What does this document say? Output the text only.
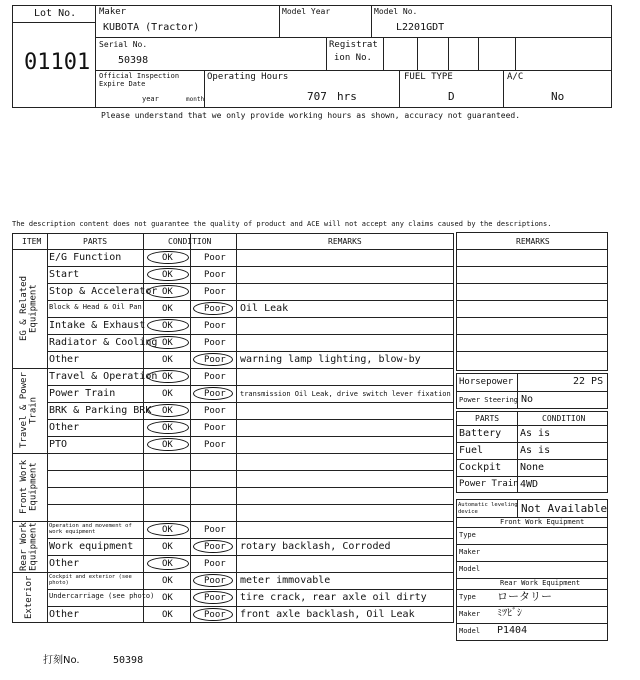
Lot No.
01101
Maker
KUBOTA (Tractor)
Model Year	Model No.
L2201GDT
Serial No.
50398
Registrat
ion No.
Official Inspection
Expire Date
year	month
Operating Hours
707 hrs
FUEL TYPE
D
A/C
No
Please understand that we only provide working hours as shown, accuracy not guaranteed.
The description content does not guarantee the quality of product and ACE will not accept any claims caused by the descriptions.
ITEM	PARTS	CONDITION	REMARKS
EG & Related Equipment
E/G Function	OK	Poor
Start	OK	Poor
Stop & Accelerator OK	Poor
Block & Head & Oil Pan OK	Poor Oil Leak
Intake & Exhaust OK	Poor
Radiator & Cooling OK	Poor
Other	OK	Poor warning lamp lighting, blow-by
Travel & Power Train
Travel & Operation OK	Poor
Power Train	OK	Poor transmission Oil Leak, drive switch lever fixation
BRK & Parking BRK OK	Poor
Other	OK	Poor
PTO	OK	Poor
Front Work Equipment
Rear Work Equipment	Operation and movement of work equipment	OK	Poor
Work equipment	OK	Poor rotary backlash, Corroded
Other	OK	Poor
Exterior	Cockpit and exterior (see photo)	OK	Poor meter immovable
Undercarriage (see photo) OK	Poor tire crack, rear axle oil dirty
Other	OK	Poor front axle backlash, Oil Leak
REMARKS
Horsepower	22 PS
Power Steering No
PARTS	CONDITION
Battery As is
Fuel	As is
Cockpit None
Power Train 4WD
Automatic leveling
device	Not Available
Front Work Equipment
Type
Maker
Model
Rear Work Equipment
Type ロータリー
Maker ﾐﾂﾋﾞｼ
Model P1404
打刻No.	50398
